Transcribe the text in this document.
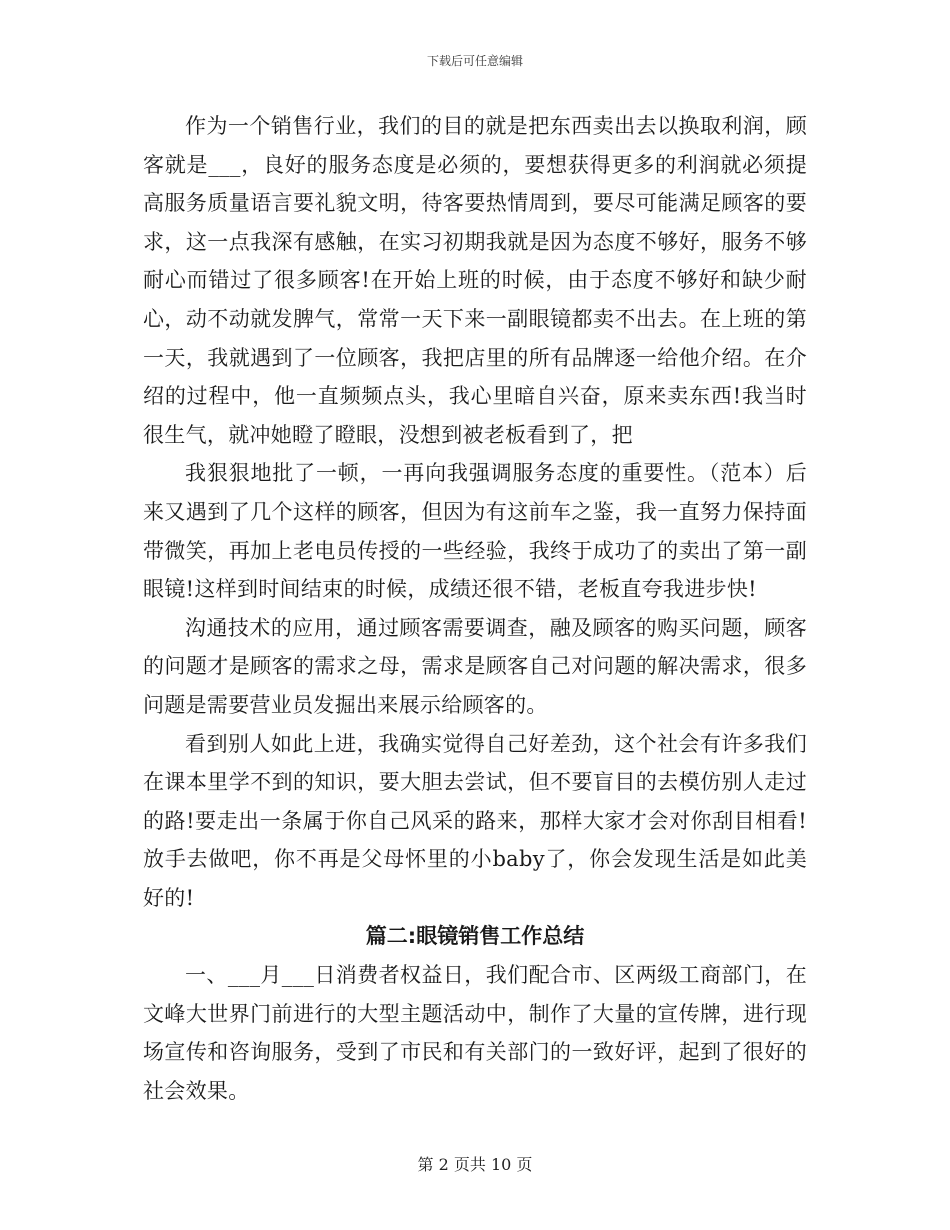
下载后可任意编辑

作为一个销售行业，我们的目的就是把东西卖出去以换取利润，顾客就是___，良好的服务态度是必须的，要想获得更多的利润就必须提高服务质量语言要礼貌文明，待客要热情周到，要尽可能满足顾客的要求，这一点我深有感触，在实习初期我就是因为态度不够好，服务不够耐心而错过了很多顾客!在开始上班的时候，由于态度不够好和缺少耐心，动不动就发脾气，常常一天下来一副眼镜都卖不出去。在上班的第一天，我就遇到了一位顾客，我把店里的所有品牌逐一给他介绍。在介绍的过程中，他一直频频点头，我心里暗自兴奋，原来卖东西!我当时很生气，就冲她瞪了瞪眼，没想到被老板看到了，把

我狠狠地批了一顿，一再向我强调服务态度的重要性。（范本）后来又遇到了几个这样的顾客，但因为有这前车之鉴，我一直努力保持面带微笑，再加上老电员传授的一些经验，我终于成功了的卖出了第一副眼镜!这样到时间结束的时候，成绩还很不错，老板直夸我进步快!

沟通技术的应用，通过顾客需要调查，融及顾客的购买问题，顾客的问题才是顾客的需求之母，需求是顾客自己对问题的解决需求，很多问题是需要营业员发掘出来展示给顾客的。

看到别人如此上进，我确实觉得自己好差劲，这个社会有许多我们在课本里学不到的知识，要大胆去尝试，但不要盲目的去模仿别人走过的路!要走出一条属于你自己风采的路来，那样大家才会对你刮目相看!放手去做吧，你不再是父母怀里的小baby了，你会发现生活是如此美好的!

篇二:眼镜销售工作总结

一、___月___日消费者权益日，我们配合市、区两级工商部门，在文峰大世界门前进行的大型主题活动中，制作了大量的宣传牌，进行现场宣传和咨询服务，受到了市民和有关部门的一致好评，起到了很好的社会效果。

第 2 页共 10 页
